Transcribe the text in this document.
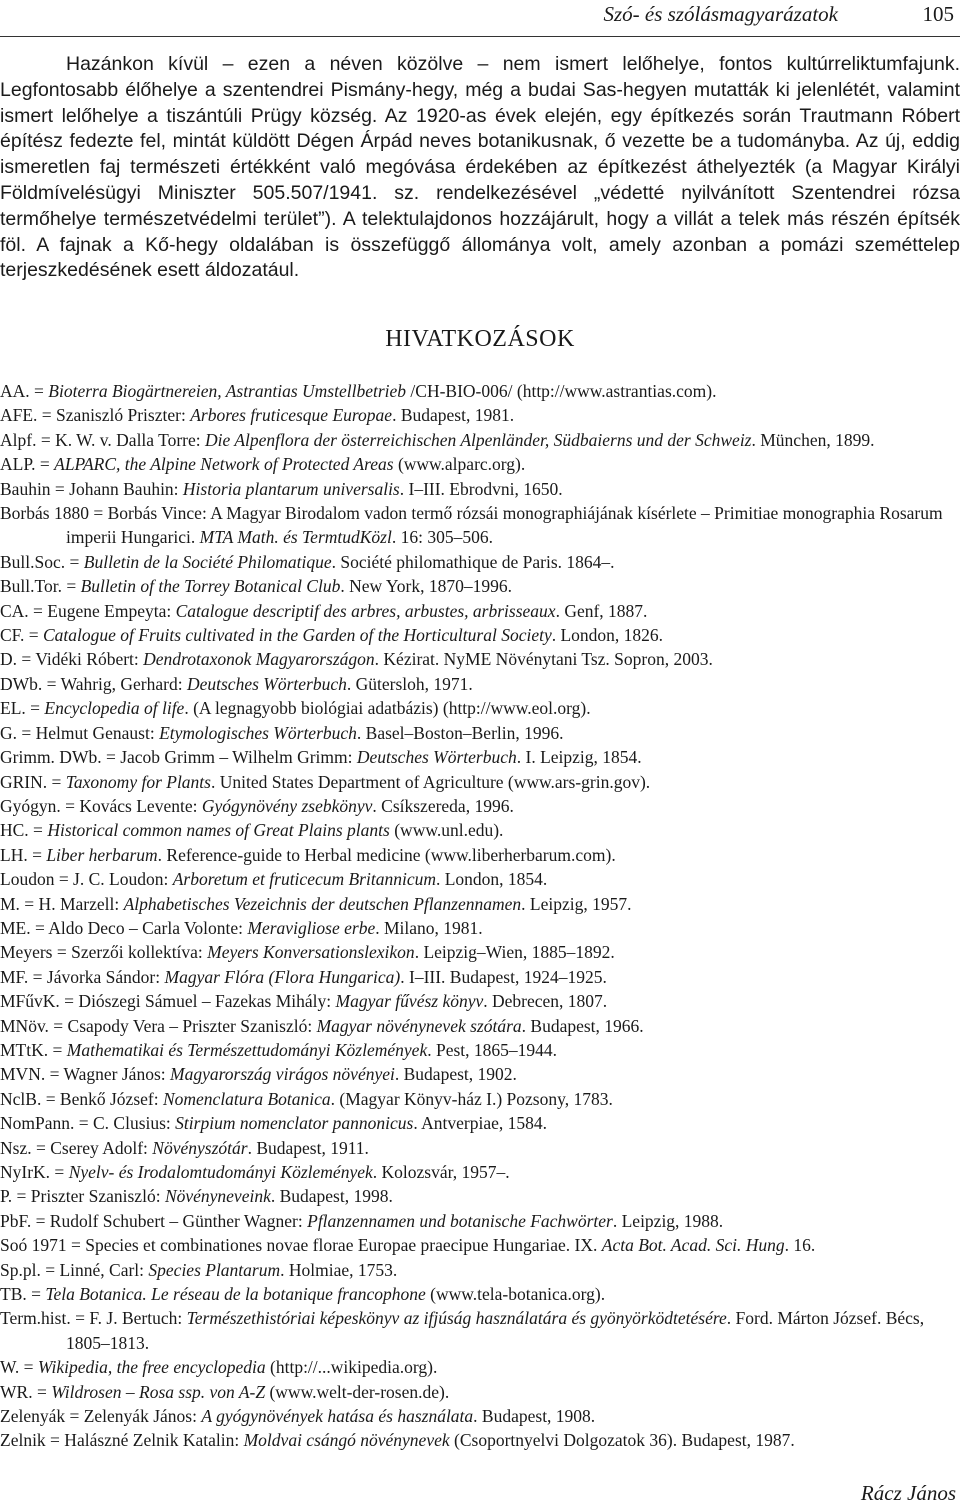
Szó- és szólásmagyarázatok	105

Hazánkon kívül – ezen a néven közölve – nem ismert lelőhelye, fontos kultúrreliktumfajunk. Legfontosabb élőhelye a szentendrei Pismány-hegy, még a budai Sas-hegyen mutatták ki jelenlétét, valamint ismert lelőhelye a tiszántúli Prügy község. Az 1920-as évek elején, egy építkezés során Trautmann Róbert építész fedezte fel, mintát küldött Dégen Árpád neves botanikusnak, ő vezette be a tudományba. Az új, eddig ismeretlen faj természeti értékként való megóvása érdekében az építkezést áthelyezték (a Magyar Királyi Földmívelésügyi Miniszter 505.507/1941. sz. rendelkezésével „védetté nyilvánított Szentendrei rózsa termőhelye természetvédelmi terület”). A telektulajdonos hozzájárult, hogy a villát a telek más részén építsék föl. A fajnak a Kő-hegy oldalában is összefüggő állománya volt, amely azonban a pomázi szeméttelep terjeszkedésének esett áldozatául.

HIVATKOZÁSOK
AA. = Bioterra Biogärtnereien, Astrantias Umstellbetrieb /CH-BIO-006/ (http://www.astrantias.com).
AFE. = Szaniszló Priszter: Arbores fruticesque Europae. Budapest, 1981.
Alpf. = K. W. v. Dalla Torre: Die Alpenflora der österreichischen Alpenländer, Südbaierns und der Schweiz. München, 1899.
ALP. = ALPARC, the Alpine Network of Protected Areas (www.alparc.org).
Bauhin = Johann Bauhin: Historia plantarum universalis. I–III. Ebrodvni, 1650.
Borbás 1880 = Borbás Vince: A Magyar Birodalom vadon termő rózsái monographiájának kísérlete – Primitiae monographia Rosarum imperii Hungarici. MTA Math. és TermtudKözl. 16: 305–506.
Bull.Soc. = Bulletin de la Société Philomatique. Société philomathique de Paris. 1864–.
Bull.Tor. = Bulletin of the Torrey Botanical Club. New York, 1870–1996.
CA. = Eugene Empeyta: Catalogue descriptif des arbres, arbustes, arbrisseaux. Genf, 1887.
CF. = Catalogue of Fruits cultivated in the Garden of the Horticultural Society. London, 1826.
D. = Vidéki Róbert: Dendrotaxonok Magyarországon. Kézirat. NyME Növénytani Tsz. Sopron, 2003.
DWb. = Wahrig, Gerhard: Deutsches Wörterbuch. Gütersloh, 1971.
EL. = Encyclopedia of life. (A legnagyobb biológiai adatbázis) (http://www.eol.org).
G. = Helmut Genaust: Etymologisches Wörterbuch. Basel–Boston–Berlin, 1996.
Grimm. DWb. = Jacob Grimm – Wilhelm Grimm: Deutsches Wörterbuch. I. Leipzig, 1854.
GRIN. = Taxonomy for Plants. United States Department of Agriculture (www.ars-grin.gov).
Gyógyn. = Kovács Levente: Gyógynövény zsebkönyv. Csíkszereda, 1996.
HC. = Historical common names of Great Plains plants (www.unl.edu).
LH. = Liber herbarum. Reference-guide to Herbal medicine (www.liberherbarum.com).
Loudon = J. C. Loudon: Arboretum et fruticecum Britannicum. London, 1854.
M. = H. Marzell: Alphabetisches Vezeichnis der deutschen Pflanzennamen. Leipzig, 1957.
ME. = Aldo Deco – Carla Volonte: Meravigliose erbe. Milano, 1981.
Meyers = Szerzői kollektíva: Meyers Konversationslexikon. Leipzig–Wien, 1885–1892.
MF. = Jávorka Sándor: Magyar Flóra (Flora Hungarica). I–III. Budapest, 1924–1925.
MFűvK. = Diószegi Sámuel – Fazekas Mihály: Magyar fűvész könyv. Debrecen, 1807.
MNöv. = Csapody Vera – Priszter Szaniszló: Magyar növénynevek szótára. Budapest, 1966.
MTtK. = Mathematikai és Természettudományi Közlemények. Pest, 1865–1944.
MVN. = Wagner János: Magyarország virágos növényei. Budapest, 1902.
NclB. = Benkő József: Nomenclatura Botanica. (Magyar Könyv-ház I.) Pozsony, 1783.
NomPann. = C. Clusius: Stirpium nomenclator pannonicus. Antverpiae, 1584.
Nsz. = Cserey Adolf: Növényszótár. Budapest, 1911.
NyIrK. = Nyelv- és Irodalomtudományi Közlemények. Kolozsvár, 1957–.
P. = Priszter Szaniszló: Növényneveink. Budapest, 1998.
PbF. = Rudolf Schubert – Günther Wagner: Pflanzennamen und botanische Fachwörter. Leipzig, 1988.
Soó 1971 = Species et combinationes novae florae Europae praecipue Hungariae. IX. Acta Bot. Acad. Sci. Hung. 16.
Sp.pl. = Linné, Carl: Species Plantarum. Holmiae, 1753.
TB. = Tela Botanica. Le réseau de la botanique francophone (www.tela-botanica.org).
Term.hist. = F. J. Bertuch: Természethistóriai képeskönyv az ifjúság használatára és gyönyörködtetésére. Ford. Márton József. Bécs, 1805–1813.
W. = Wikipedia, the free encyclopedia (http://...wikipedia.org).
WR. = Wildrosen – Rosa ssp. von A-Z (www.welt-der-rosen.de).
Zelenyák = Zelenyák János: A gyógynövények hatása és használata. Budapest, 1908.
Zelnik = Halászné Zelnik Katalin: Moldvai csángó növénynevek (Csoportnyelvi Dolgozatok 36). Budapest, 1987.
Rácz János
